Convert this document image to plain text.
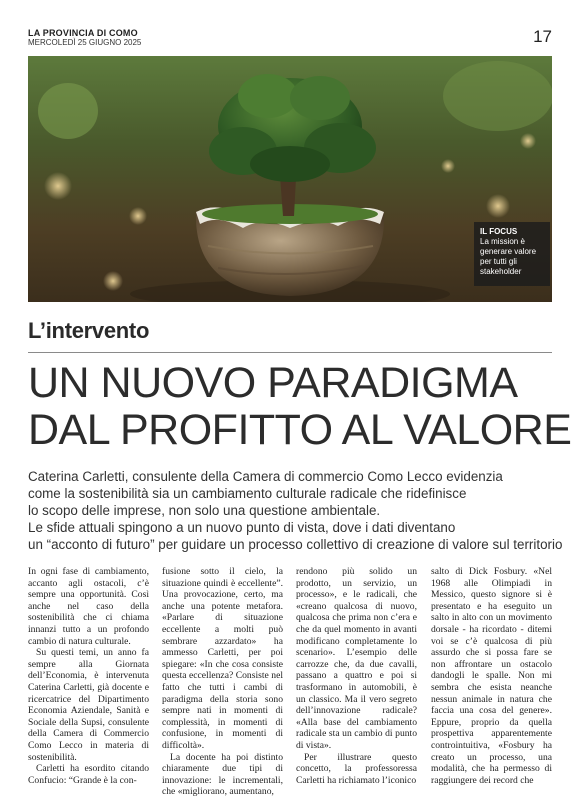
LA PROVINCIA DI COMO
MERCOLEDÌ 25 GIUGNO 2025	17
IL FOCUS
La mission è generare valore per tutti gli stakeholder
L’intervento
UN NUOVO PARADIGMA
DAL PROFITTO AL VALORE
Caterina Carletti, consulente della Camera di commercio Como Lecco evidenzia
come la sostenibilità sia un cambiamento culturale radicale che ridefinisce
lo scopo delle imprese, non solo una questione ambientale.
Le sfide attuali spingono a un nuovo punto di vista, dove i dati diventano
un “acconto di futuro” per guidare un processo collettivo di creazione di valore sul territorio

In ogni fase di cambiamento, accanto agli ostacoli, c’è sempre una opportunità. Così anche nel caso della sostenibilità che ci chiama innanzi tutto a un profondo cambio di natura culturale.

Su questi temi, un anno fa sempre alla Giornata dell’Economia, è intervenuta Caterina Carletti, già docente e ricercatrice del Dipartimento Economia Aziendale, Sanità e Sociale della Supsi, consulente della Camera di Commercio Como Lecco in materia di sostenibilità.

Carletti ha esordito citando Confucio: “Grande è la con-

fusione sotto il cielo, la situazione quindi è eccellente”. Una provocazione, certo, ma anche una potente metafora. «Parlare di situazione eccellente a molti può sembrare azzardato» ha ammesso Carletti, per poi spiegare: «In che cosa consiste questa eccellenza? Consiste nel fatto che tutti i cambi di paradigma della storia sono sempre nati in momenti di complessità, in momenti di confusione, in momenti di difficoltà».

La docente ha poi distinto chiaramente due tipi di innovazione: le incrementali, che «migliorano, aumentano,

rendono più solido un prodotto, un servizio, un processo», e le radicali, che «creano qualcosa di nuovo, qualcosa che prima non c’era e che da quel momento in avanti modificano completamente lo scenario». L’esempio delle carrozze che, da due cavalli, passano a quattro e poi si trasformano in automobili, è un classico. Ma il vero segreto dell’innovazione radicale? «Alla base del cambiamento radicale sta un cambio di punto di vista».

Per illustrare questo concetto, la professoressa Carletti ha richiamato l’iconico

salto di Dick Fosbury. «Nel 1968 alle Olimpiadi in Messico, questo signore si è presentato e ha eseguito un salto in alto con un movimento dorsale - ha ricordato - ditemi voi se c’è qualcosa di più assurdo che si possa fare se non affrontare un ostacolo dandogli le spalle. Non mi sembra che esista neanche nessun animale in natura che faccia una cosa del genere». Eppure, proprio da quella prospettiva apparentemente controintuitiva, «Fosbury ha creato un processo, una modalità, che ha permesso di raggiungere dei record che
